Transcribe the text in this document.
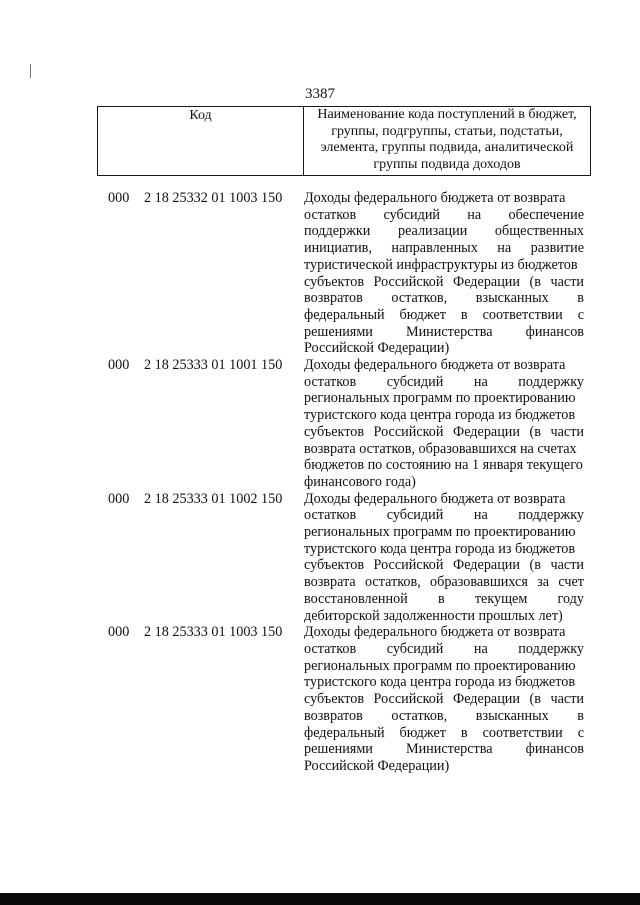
3387
Код	Наименование кода поступлений в бюджет,
группы, подгруппы, статьи, подстатьи,
элемента, группы подвида, аналитической
группы подвида доходов
000	2 18 25332 01 1003 150	Доходы федерального бюджета от возврата
остатков субсидий на обеспечение
поддержки реализации общественных
инициатив, направленных на развитие
туристической инфраструктуры из бюджетов
субъектов Российской Федерации (в части
возвратов остатков, взысканных в
федеральный бюджет в соответствии с
решениями Министерства финансов
Российской Федерации)
000	2 18 25333 01 1001 150	Доходы федерального бюджета от возврата
остатков субсидий на поддержку
региональных программ по проектированию
туристского кода центра города из бюджетов
субъектов Российской Федерации (в части
возврата остатков, образовавшихся на счетах
бюджетов по состоянию на 1 января текущего
финансового года)
000	2 18 25333 01 1002 150	Доходы федерального бюджета от возврата
остатков субсидий на поддержку
региональных программ по проектированию
туристского кода центра города из бюджетов
субъектов Российской Федерации (в части
возврата остатков, образовавшихся за счет
восстановленной в текущем году
дебиторской задолженности прошлых лет)
000	2 18 25333 01 1003 150	Доходы федерального бюджета от возврата
остатков субсидий на поддержку
региональных программ по проектированию
туристского кода центра города из бюджетов
субъектов Российской Федерации (в части
возвратов остатков, взысканных в
федеральный бюджет в соответствии с
решениями Министерства финансов
Российской Федерации)
